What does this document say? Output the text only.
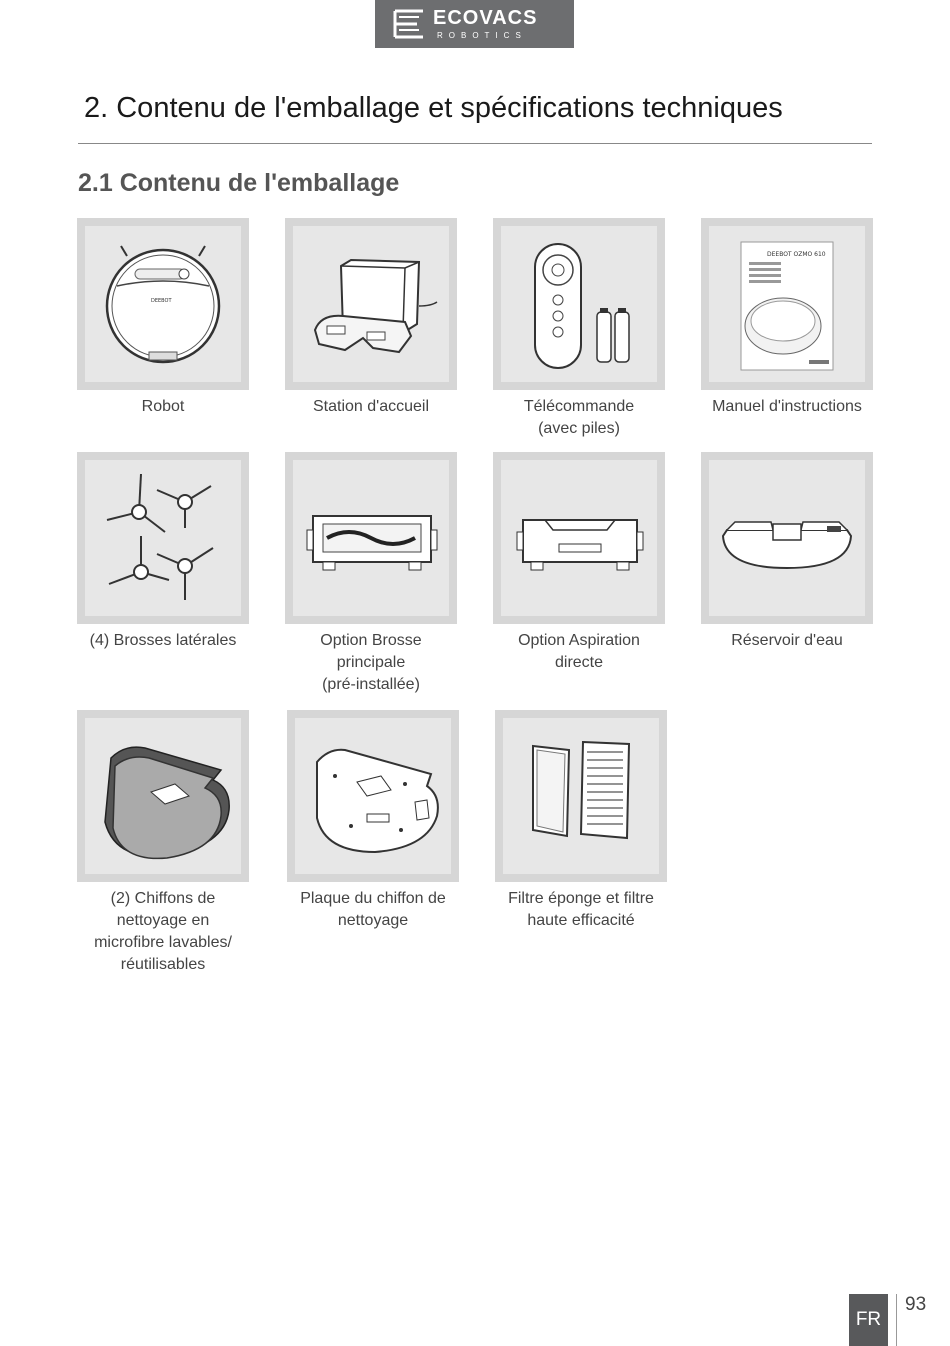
ECOVACS
ROBOTICS
2. Contenu de l'emballage et spécifications techniques
2.1 Contenu de l'emballage
DEEBOT
Robot	Station d'accueil	Télécommande
(avec piles)
DEEBOT OZMO 610
Manuel d'instructions
(4) Brosses latérales	Option Brosse
principale
(pré-installée)
Option Aspiration
directe
Réservoir d'eau
(2) Chiffons de
nettoyage en
microfibre lavables/
réutilisables
Plaque du chiffon de
nettoyage
Filtre éponge et filtre
haute efficacité
FR
93
